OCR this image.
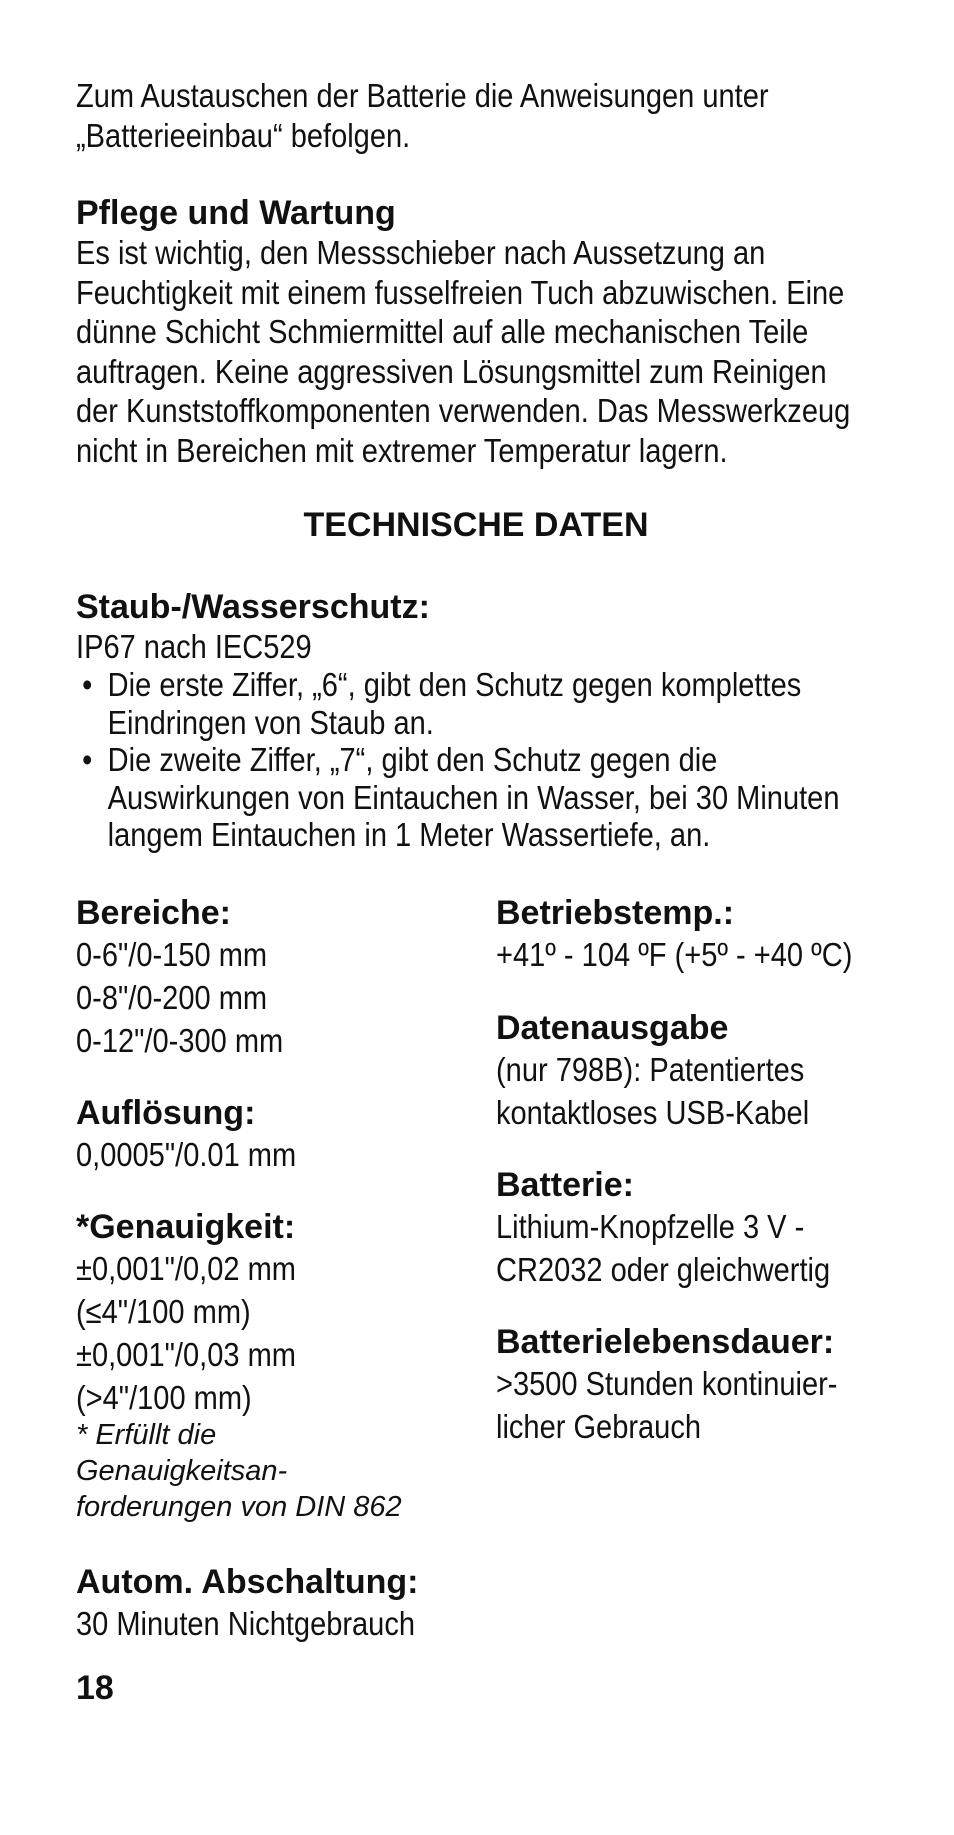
Zum Austauschen der Batterie die Anweisungen unter
„Batterieeinbau“ befolgen.
Pflege und Wartung
Es ist wichtig, den Messschieber nach Aussetzung an
Feuchtigkeit mit einem fusselfreien Tuch abzuwischen. Eine
dünne Schicht Schmiermittel auf alle mechanischen Teile
auftragen. Keine aggressiven Lösungsmittel zum Reinigen
der Kunststoffkomponenten verwenden. Das Messwerkzeug
nicht in Bereichen mit extremer Temperatur lagern.
TECHNISCHE DATEN
Staub-/Wasserschutz:
IP67 nach IEC529
• Die erste Ziffer, „6“, gibt den Schutz gegen komplettes
Eindringen von Staub an.
• Die zweite Ziffer, „7“, gibt den Schutz gegen die
Auswirkungen von Eintauchen in Wasser, bei 30 Minuten
langem Eintauchen in 1 Meter Wassertiefe, an.
Bereiche:
0-6"/0-150 mm
0-8"/0-200 mm
0-12"/0-300 mm
Auflösung:
0,0005"/0.01 mm
*Genauigkeit:
±0,001"/0,02 mm
(≤4"/100 mm)
±0,001"/0,03 mm
(>4"/100 mm)
* Erfüllt die
Genauigkeitsan-
forderungen von DIN 862
Autom. Abschaltung:
30 Minuten Nichtgebrauch
Betriebstemp.:
+41º - 104 ºF (+5º - +40 ºC)
Datenausgabe
(nur 798B): Patentiertes
kontaktloses USB-Kabel
Batterie:
Lithium-Knopfzelle 3 V -
CR2032 oder gleichwertig
Batterielebensdauer:
>3500 Stunden kontinuier-
licher Gebrauch
18
